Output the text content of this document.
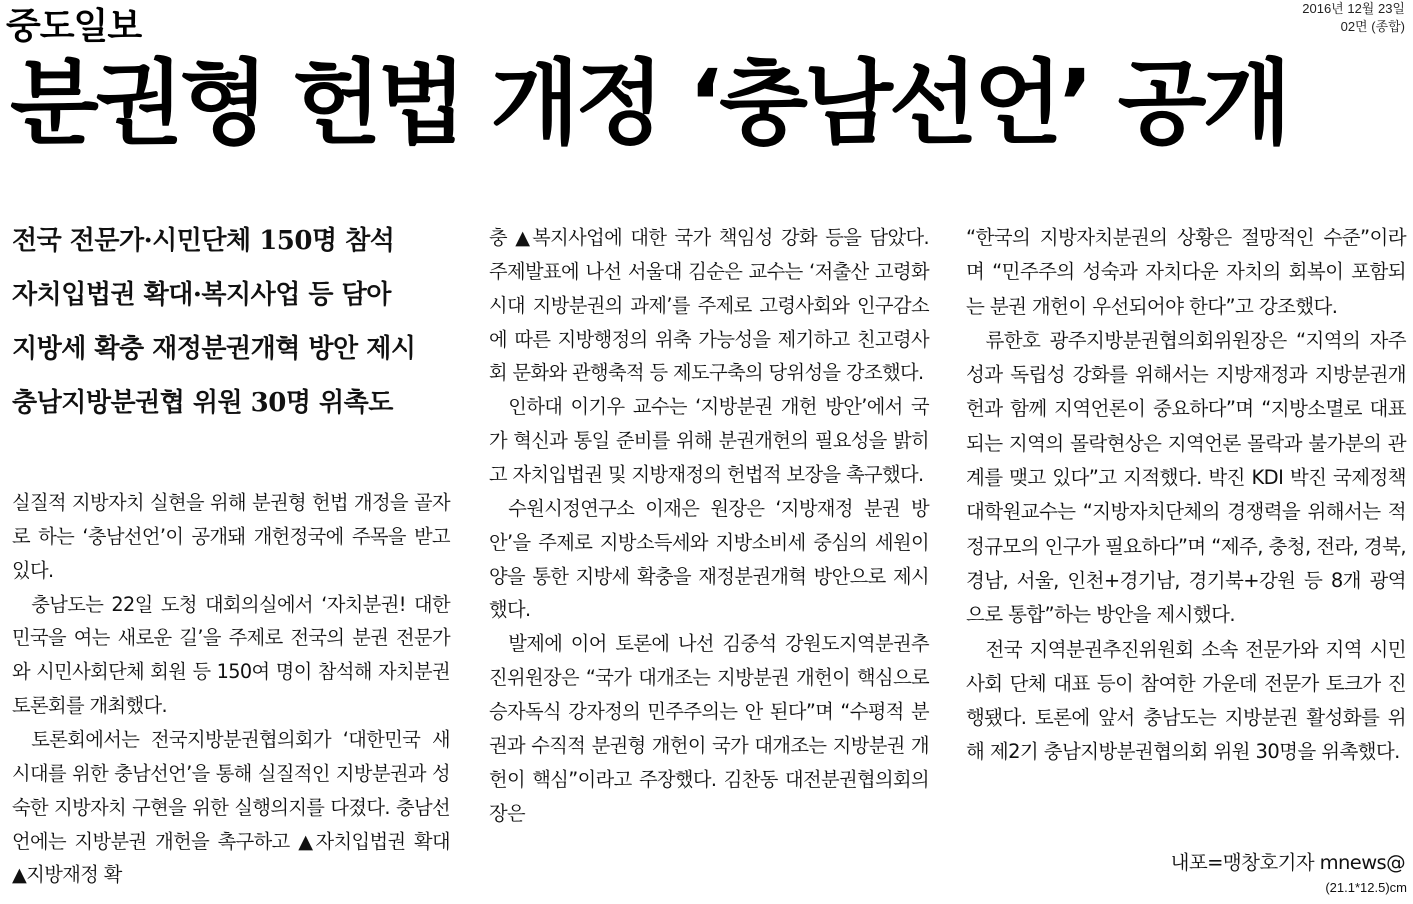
중도일보	2016년 12월 23일
02면 (종합)
분권형 헌법 개정 ‘충남선언’ 공개
전국 전문가·시민단체 150명 참석
자치입법권 확대·복지사업 등 담아
지방세 확충 재정분권개혁 방안 제시
충남지방분권협 위원 30명 위촉도

실질적 지방자치 실현을 위해 분권형 헌법 개정을 골자로 하는 ‘충남선언’이 공개돼 개헌정국에 주목을 받고 있다.

충남도는 22일 도청 대회의실에서 ‘자치분권! 대한민국을 여는 새로운 길’을 주제로 전국의 분권 전문가와 시민사회단체 회원 등 150여 명이 참석해 자치분권 토론회를 개최했다.

토론회에서는 전국지방분권협의회가 ‘대한민국 새 시대를 위한 충남선언’을 통해 실질적인 지방분권과 성숙한 지방자치 구현을 위한 실행의지를 다졌다. 충남선언에는 지방분권 개헌을 촉구하고 ▲자치입법권 확대 ▲지방재정 확

충 ▲복지사업에 대한 국가 책임성 강화 등을 담았다. 주제발표에 나선 서울대 김순은 교수는 ‘저출산 고령화 시대 지방분권의 과제’를 주제로 고령사회와 인구감소에 따른 지방행정의 위축 가능성을 제기하고 친고령사회 문화와 관행축적 등 제도구축의 당위성을 강조했다.

인하대 이기우 교수는 ‘지방분권 개헌 방안’에서 국가 혁신과 통일 준비를 위해 분권개헌의 필요성을 밝히고 자치입법권 및 지방재정의 헌법적 보장을 촉구했다.

수원시정연구소 이재은 원장은 ‘지방재정 분권 방안’을 주제로 지방소득세와 지방소비세 중심의 세원이양을 통한 지방세 확충을 재정분권개혁 방안으로 제시했다.

발제에 이어 토론에 나선 김중석 강원도지역분권추진위원장은 “국가 대개조는 지방분권 개헌이 핵심으로 승자독식 강자정의 민주주의는 안 된다”며 “수평적 분권과 수직적 분권형 개헌이 국가 대개조는 지방분권 개헌이 핵심”이라고 주장했다. 김찬동 대전분권협의회의장은

“한국의 지방자치분권의 상황은 절망적인 수준”이라며 “민주주의 성숙과 자치다운 자치의 회복이 포함되는 분권 개헌이 우선되어야 한다”고 강조했다.

류한호 광주지방분권협의회위원장은 “지역의 자주성과 독립성 강화를 위해서는 지방재정과 지방분권개헌과 함께 지역언론이 중요하다”며 “지방소멸로 대표되는 지역의 몰락현상은 지역언론 몰락과 불가분의 관계를 맺고 있다”고 지적했다. 박진 KDI 박진 국제정책대학원교수는 “지방자치단체의 경쟁력을 위해서는 적정규모의 인구가 필요하다”며 “제주, 충청, 전라, 경북, 경남, 서울, 인천+경기남, 경기북+강원 등 8개 광역으로 통합”하는 방안을 제시했다.

전국 지역분권추진위원회 소속 전문가와 지역 시민사회 단체 대표 등이 참여한 가운데 전문가 토크가 진행됐다. 토론에 앞서 충남도는 지방분권 활성화를 위해 제2기 충남지방분권협의회 위원 30명을 위촉했다.

내포=맹창호기자 mnews@
(21.1*12.5)cm
